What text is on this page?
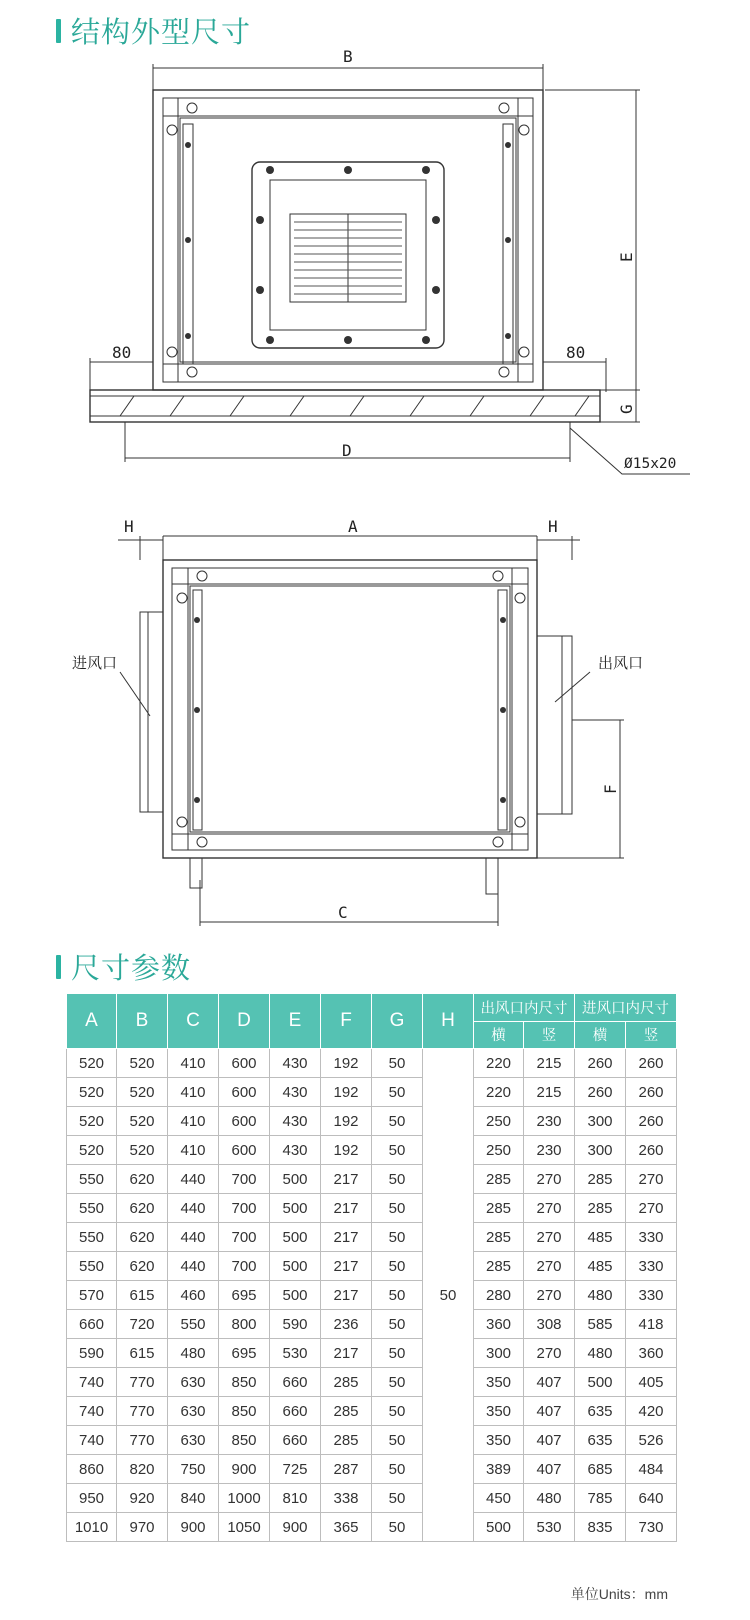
结构外型尺寸
B
E
G
D
80	80
Ø15x20
H	A	H
C
F
进风口	出风口
尺寸参数
A	B	C	D	E	F	G	H	出风口内尺寸		进风口内尺寸	
								横	竖	横	竖
520	520	410	600	430	192	50	50	220	215	260	260
520	520	410	600	430	192	50		220	215	260	260
520	520	410	600	430	192	50		250	230	300	260
520	520	410	600	430	192	50		250	230	300	260
550	620	440	700	500	217	50		285	270	285	270
550	620	440	700	500	217	50		285	270	285	270
550	620	440	700	500	217	50		285	270	485	330
550	620	440	700	500	217	50		285	270	485	330
570	615	460	695	500	217	50		280	270	480	330
660	720	550	800	590	236	50		360	308	585	418
590	615	480	695	530	217	50		300	270	480	360
740	770	630	850	660	285	50		350	407	500	405
740	770	630	850	660	285	50		350	407	635	420
740	770	630	850	660	285	50		350	407	635	526
860	820	750	900	725	287	50		389	407	685	484
950	920	840	1000	810	338	50		450	480	785	640
1010	970	900	1050	900	365	50		500	530	835	730
单位Units：mm
